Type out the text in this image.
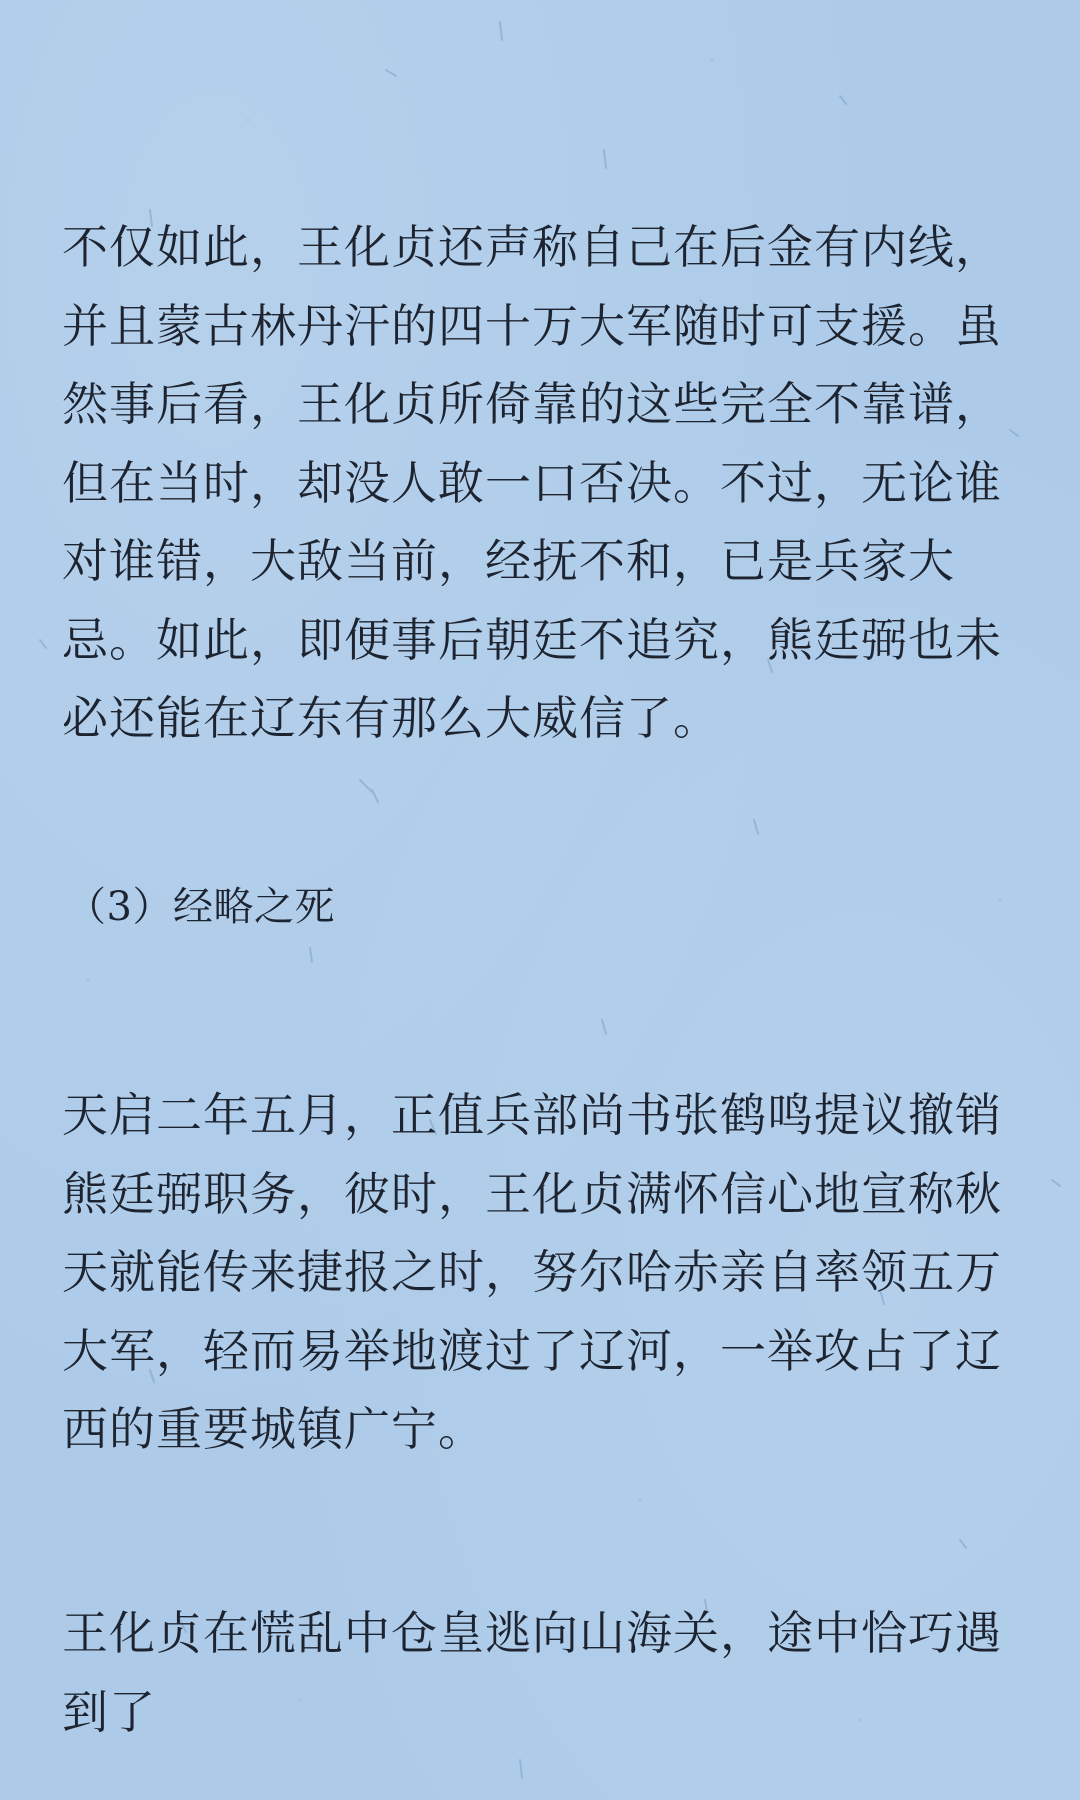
不仅如此，王化贞还声称自己在后金有内线，并且蒙古林丹汗的四十万大军随时可支援。虽然事后看，王化贞所倚靠的这些完全不靠谱，但在当时，却没人敢一口否决。不过，无论谁对谁错，大敌当前，经抚不和，已是兵家大忌。如此，即便事后朝廷不追究，熊廷弼也未必还能在辽东有那么大威信了。

（3）经略之死

天启二年五月，正值兵部尚书张鹤鸣提议撤销熊廷弼职务，彼时，王化贞满怀信心地宣称秋天就能传来捷报之时，努尔哈赤亲自率领五万大军，轻而易举地渡过了辽河，一举攻占了辽西的重要城镇广宁。

王化贞在慌乱中仓皇逃向山海关，途中恰巧遇到了
